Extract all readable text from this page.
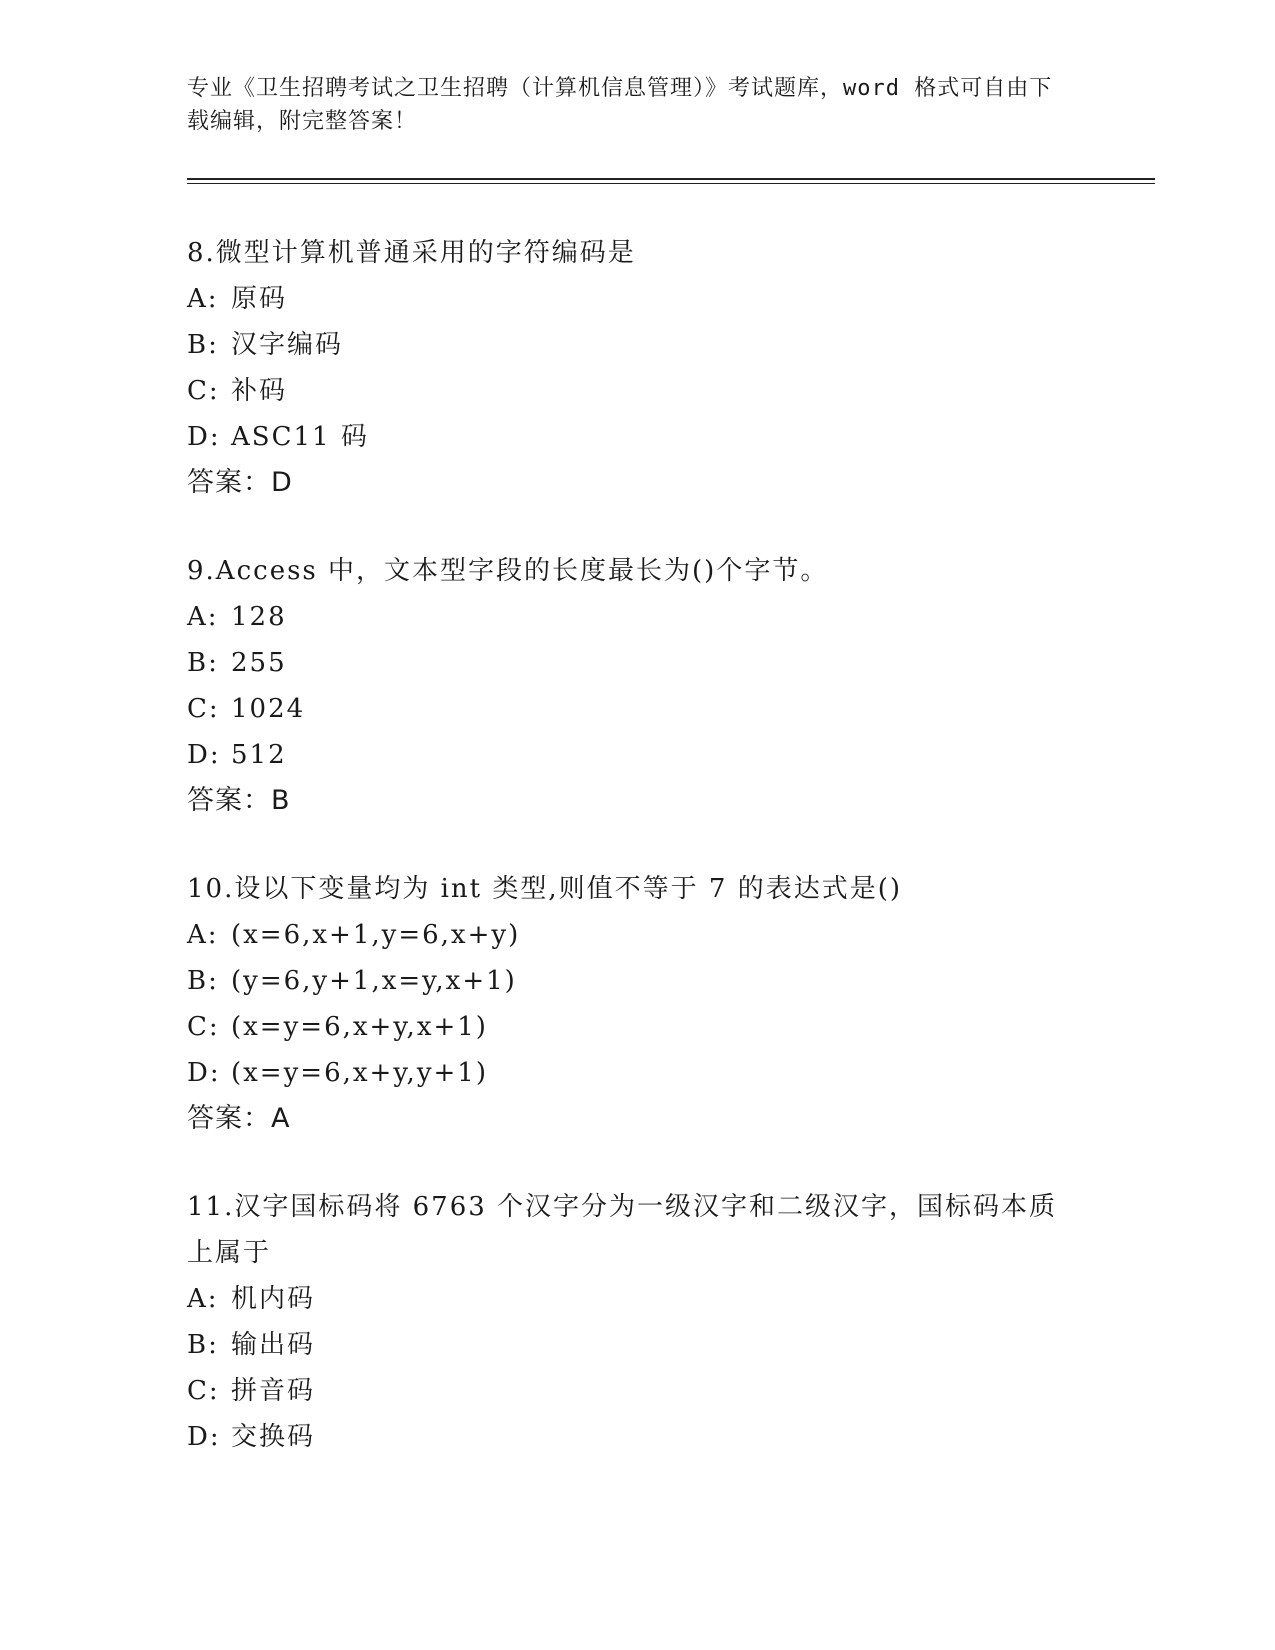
专业《卫生招聘考试之卫生招聘（计算机信息管理）》考试题库，word 格式可自由下载编辑，附完整答案！
8.微型计算机普通采用的字符编码是
A: 原码
B: 汉字编码
C: 补码
D: ASC11 码
答案：D
9.Access 中，文本型字段的长度最长为()个字节。
A: 128
B: 255
C: 1024
D: 512
答案：B
10.设以下变量均为 int 类型,则值不等于 7 的表达式是()
A: (x=6,x+1,y=6,x+y)
B: (y=6,y+1,x=y,x+1)
C: (x=y=6,x+y,x+1)
D: (x=y=6,x+y,y+1)
答案：A
11.汉字国标码将 6763 个汉字分为一级汉字和二级汉字，国标码本质上属于
A: 机内码
B: 输出码
C: 拼音码
D: 交换码
